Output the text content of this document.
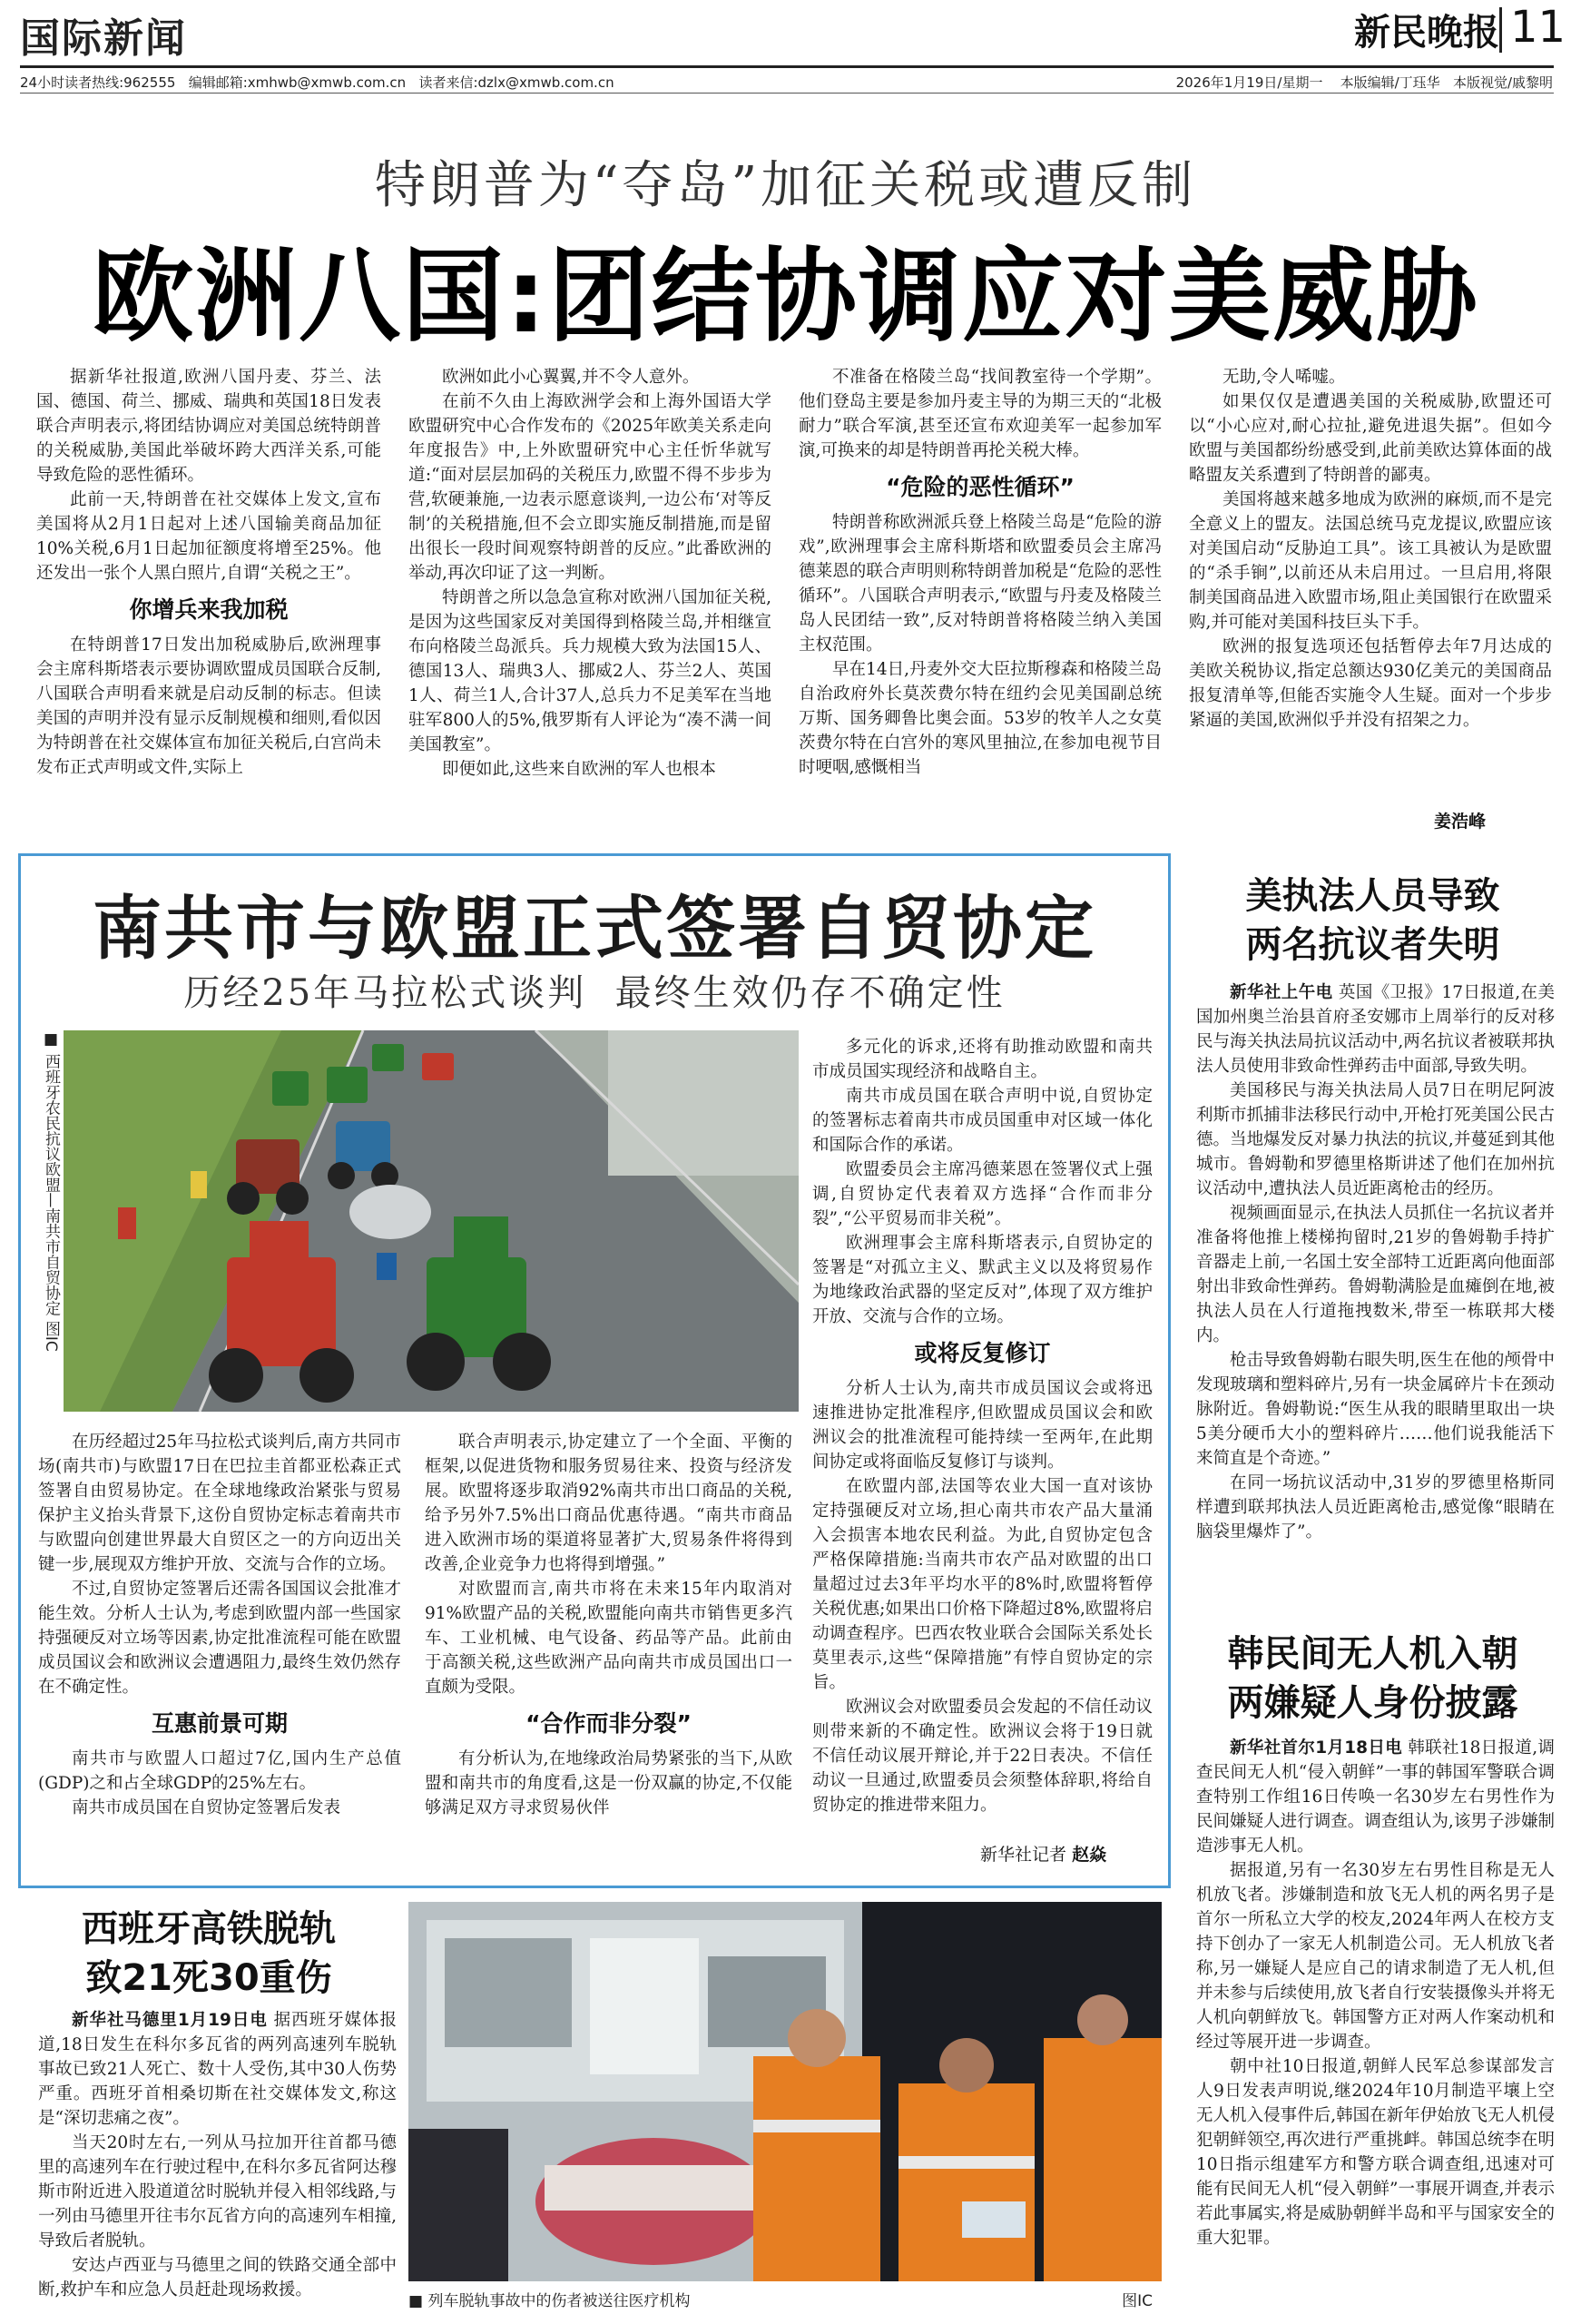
国际新闻	新民晚报 11
24小时读者热线:962555 编辑邮箱:xmhwb@xmwb.com.cn 读者来信:dzlx@xmwb.com.cn	2026年1月19日/星期一 本版编辑/丁珏华 本版视觉/戚黎明
特朗普为“夺岛”加征关税或遭反制
欧洲八国:团结协调应对美威胁

据新华社报道,欧洲八国丹麦、芬兰、法国、德国、荷兰、挪威、瑞典和英国18日发表联合声明表示,将团结协调应对美国总统特朗普的关税威胁,美国此举破坏跨大西洋关系,可能导致危险的恶性循环。

此前一天,特朗普在社交媒体上发文,宣布美国将从2月1日起对上述八国输美商品加征10%关税,6月1日起加征额度将增至25%。他还发出一张个人黑白照片,自谓“关税之王”。

你增兵来我加税

在特朗普17日发出加税威胁后,欧洲理事会主席科斯塔表示要协调欧盟成员国联合反制,八国联合声明看来就是启动反制的标志。但读美国的声明并没有显示反制规模和细则,看似因为特朗普在社交媒体宣布加征关税后,白宫尚未发布正式声明或文件,实际上

欧洲如此小心翼翼,并不令人意外。

在前不久由上海欧洲学会和上海外国语大学欧盟研究中心合作发布的《2025年欧美关系走向年度报告》中,上外欧盟研究中心主任忻华就写道:“面对层层加码的关税压力,欧盟不得不步步为营,软硬兼施,一边表示愿意谈判,一边公布‘对等反制’的关税措施,但不会立即实施反制措施,而是留出很长一段时间观察特朗普的反应。”此番欧洲的举动,再次印证了这一判断。

特朗普之所以急急宣称对欧洲八国加征关税,是因为这些国家反对美国得到格陵兰岛,并相继宣布向格陵兰岛派兵。兵力规模大致为法国15人、德国13人、瑞典3人、挪威2人、芬兰2人、英国1人、荷兰1人,合计37人,总兵力不足美军在当地驻军800人的5%,俄罗斯有人评论为“凑不满一间美国教室”。

即便如此,这些来自欧洲的军人也根本

不准备在格陵兰岛“找间教室待一个学期”。他们登岛主要是参加丹麦主导的为期三天的“北极耐力”联合军演,甚至还宣布欢迎美军一起参加军演,可换来的却是特朗普再抡关税大棒。

“危险的恶性循环”

特朗普称欧洲派兵登上格陵兰岛是“危险的游戏”,欧洲理事会主席科斯塔和欧盟委员会主席冯德莱恩的联合声明则称特朗普加税是“危险的恶性循环”。八国联合声明表示,“欧盟与丹麦及格陵兰岛人民团结一致”,反对特朗普将格陵兰纳入美国主权范围。

早在14日,丹麦外交大臣拉斯穆森和格陵兰岛自治政府外长莫茨费尔特在纽约会见美国副总统万斯、国务卿鲁比奥会面。53岁的牧羊人之女莫茨费尔特在白宫外的寒风里抽泣,在参加电视节目时哽咽,感慨相当

无助,令人唏嘘。

如果仅仅是遭遇美国的关税威胁,欧盟还可以“小心应对,耐心拉扯,避免进退失据”。但如今欧盟与美国都纷纷感受到,此前美欧达算体面的战略盟友关系遭到了特朗普的鄙夷。

美国将越来越多地成为欧洲的麻烦,而不是完全意义上的盟友。法国总统马克龙提议,欧盟应该对美国启动“反胁迫工具”。该工具被认为是欧盟的“杀手锏”,以前还从未启用过。一旦启用,将限制美国商品进入欧盟市场,阻止美国银行在欧盟采购,并可能对美国科技巨头下手。

欧洲的报复选项还包括暂停去年7月达成的美欧关税协议,指定总额达930亿美元的美国商品报复清单等,但能否实施令人生疑。面对一个步步紧逼的美国,欧洲似乎并没有招架之力。

姜浩峰
南共市与欧盟正式签署自贸协定
历经25年马拉松式谈判  最终生效仍存不确定性
■ 西班牙农民抗议欧盟—南共市自贸协定 图IC

多元化的诉求,还将有助推动欧盟和南共市成员国实现经济和战略自主。

南共市成员国在联合声明中说,自贸协定的签署标志着南共市成员国重申对区域一体化和国际合作的承诺。

欧盟委员会主席冯德莱恩在签署仪式上强调,自贸协定代表着双方选择“合作而非分裂”,“公平贸易而非关税”。

欧洲理事会主席科斯塔表示,自贸协定的签署是“对孤立主义、默武主义以及将贸易作为地缘政治武器的坚定反对”,体现了双方维护开放、交流与合作的立场。

或将反复修订

分析人士认为,南共市成员国议会或将迅速推进协定批准程序,但欧盟成员国议会和欧洲议会的批准流程可能持续一至两年,在此期间协定或将面临反复修订与谈判。

在欧盟内部,法国等农业大国一直对该协定持强硬反对立场,担心南共市农产品大量涌入会损害本地农民利益。为此,自贸协定包含严格保障措施:当南共市农产品对欧盟的出口量超过过去3年平均水平的8%时,欧盟将暂停关税优惠;如果出口价格下降超过8%,欧盟将启动调查程序。巴西农牧业联合会国际关系处长莫里表示,这些“保障措施”有悖自贸协定的宗旨。

欧洲议会对欧盟委员会发起的不信任动议则带来新的不确定性。欧洲议会将于19日就不信任动议展开辩论,并于22日表决。不信任动议一旦通过,欧盟委员会须整体辞职,将给自贸协定的推进带来阻力。

新华社记者 赵焱

在历经超过25年马拉松式谈判后,南方共同市场(南共市)与欧盟17日在巴拉圭首都亚松森正式签署自由贸易协定。在全球地缘政治紧张与贸易保护主义抬头背景下,这份自贸协定标志着南共市与欧盟向创建世界最大自贸区之一的方向迈出关键一步,展现双方维护开放、交流与合作的立场。

不过,自贸协定签署后还需各国国议会批准才能生效。分析人士认为,考虑到欧盟内部一些国家持强硬反对立场等因素,协定批准流程可能在欧盟成员国议会和欧洲议会遭遇阻力,最终生效仍然存在不确定性。

互惠前景可期

南共市与欧盟人口超过7亿,国内生产总值(GDP)之和占全球GDP的25%左右。

南共市成员国在自贸协定签署后发表

联合声明表示,协定建立了一个全面、平衡的框架,以促进货物和服务贸易往来、投资与经济发展。欧盟将逐步取消92%南共市出口商品的关税,给予另外7.5%出口商品优惠待遇。“南共市商品进入欧洲市场的渠道将显著扩大,贸易条件将得到改善,企业竞争力也将得到增强。”

对欧盟而言,南共市将在未来15年内取消对91%欧盟产品的关税,欧盟能向南共市销售更多汽车、工业机械、电气设备、药品等产品。此前由于高额关税,这些欧洲产品向南共市成员国出口一直颇为受限。

“合作而非分裂”

有分析认为,在地缘政治局势紧张的当下,从欧盟和南共市的角度看,这是一份双赢的协定,不仅能够满足双方寻求贸易伙伴

美执法人员导致
两名抗议者失明

新华社上午电 英国《卫报》17日报道,在美国加州奥兰治县首府圣安娜市上周举行的反对移民与海关执法局抗议活动中,两名抗议者被联邦执法人员使用非致命性弹药击中面部,导致失明。

美国移民与海关执法局人员7日在明尼阿波利斯市抓捕非法移民行动中,开枪打死美国公民古德。当地爆发反对暴力执法的抗议,并蔓延到其他城市。鲁姆勒和罗德里格斯讲述了他们在加州抗议活动中,遭执法人员近距离枪击的经历。

视频画面显示,在执法人员抓住一名抗议者并准备将他推上楼梯拘留时,21岁的鲁姆勒手持扩音器走上前,一名国土安全部特工近距离向他面部射出非致命性弹药。鲁姆勒满脸是血瘫倒在地,被执法人员在人行道拖拽数米,带至一栋联邦大楼内。

枪击导致鲁姆勒右眼失明,医生在他的颅骨中发现玻璃和塑料碎片,另有一块金属碎片卡在颈动脉附近。鲁姆勒说:“医生从我的眼睛里取出一块5美分硬币大小的塑料碎片……他们说我能活下来简直是个奇迹。”

在同一场抗议活动中,31岁的罗德里格斯同样遭到联邦执法人员近距离枪击,感觉像“眼睛在脑袋里爆炸了”。

韩民间无人机入朝
两嫌疑人身份披露

新华社首尔1月18日电 韩联社18日报道,调查民间无人机“侵入朝鲜”一事的韩国军警联合调查特别工作组16日传唤一名30岁左右男性作为民间嫌疑人进行调查。调查组认为,该男子涉嫌制造涉事无人机。

据报道,另有一名30岁左右男性目称是无人机放飞者。涉嫌制造和放飞无人机的两名男子是首尔一所私立大学的校友,2024年两人在校方支持下创办了一家无人机制造公司。无人机放飞者称,另一嫌疑人是应自己的请求制造了无人机,但并未参与后续使用,放飞者自行安装摄像头并将无人机向朝鲜放飞。韩国警方正对两人作案动机和经过等展开进一步调查。

朝中社10日报道,朝鲜人民军总参谋部发言人9日发表声明说,继2024年10月制造平壤上空无人机入侵事件后,韩国在新年伊始放飞无人机侵犯朝鲜领空,再次进行严重挑衅。韩国总统李在明10日指示组建军方和警方联合调查组,迅速对可能有民间无人机“侵入朝鲜”一事展开调查,并表示若此事属实,将是威胁朝鲜半岛和平与国家安全的重大犯罪。

西班牙高铁脱轨
致21死30重伤

新华社马德里1月19日电 据西班牙媒体报道,18日发生在科尔多瓦省的两列高速列车脱轨事故已致21人死亡、数十人受伤,其中30人伤势严重。西班牙首相桑切斯在社交媒体发文,称这是“深切悲痛之夜”。

当天20时左右,一列从马拉加开往首都马德里的高速列车在行驶过程中,在科尔多瓦省阿达穆斯市附近进入股道道岔时脱轨并侵入相邻线路,与一列由马德里开往韦尔瓦省方向的高速列车相撞,导致后者脱轨。

安达卢西亚与马德里之间的铁路交通全部中断,救护车和应急人员赶赴现场救援。

■ 列车脱轨事故中的伤者被送往医疗机构	图IC
